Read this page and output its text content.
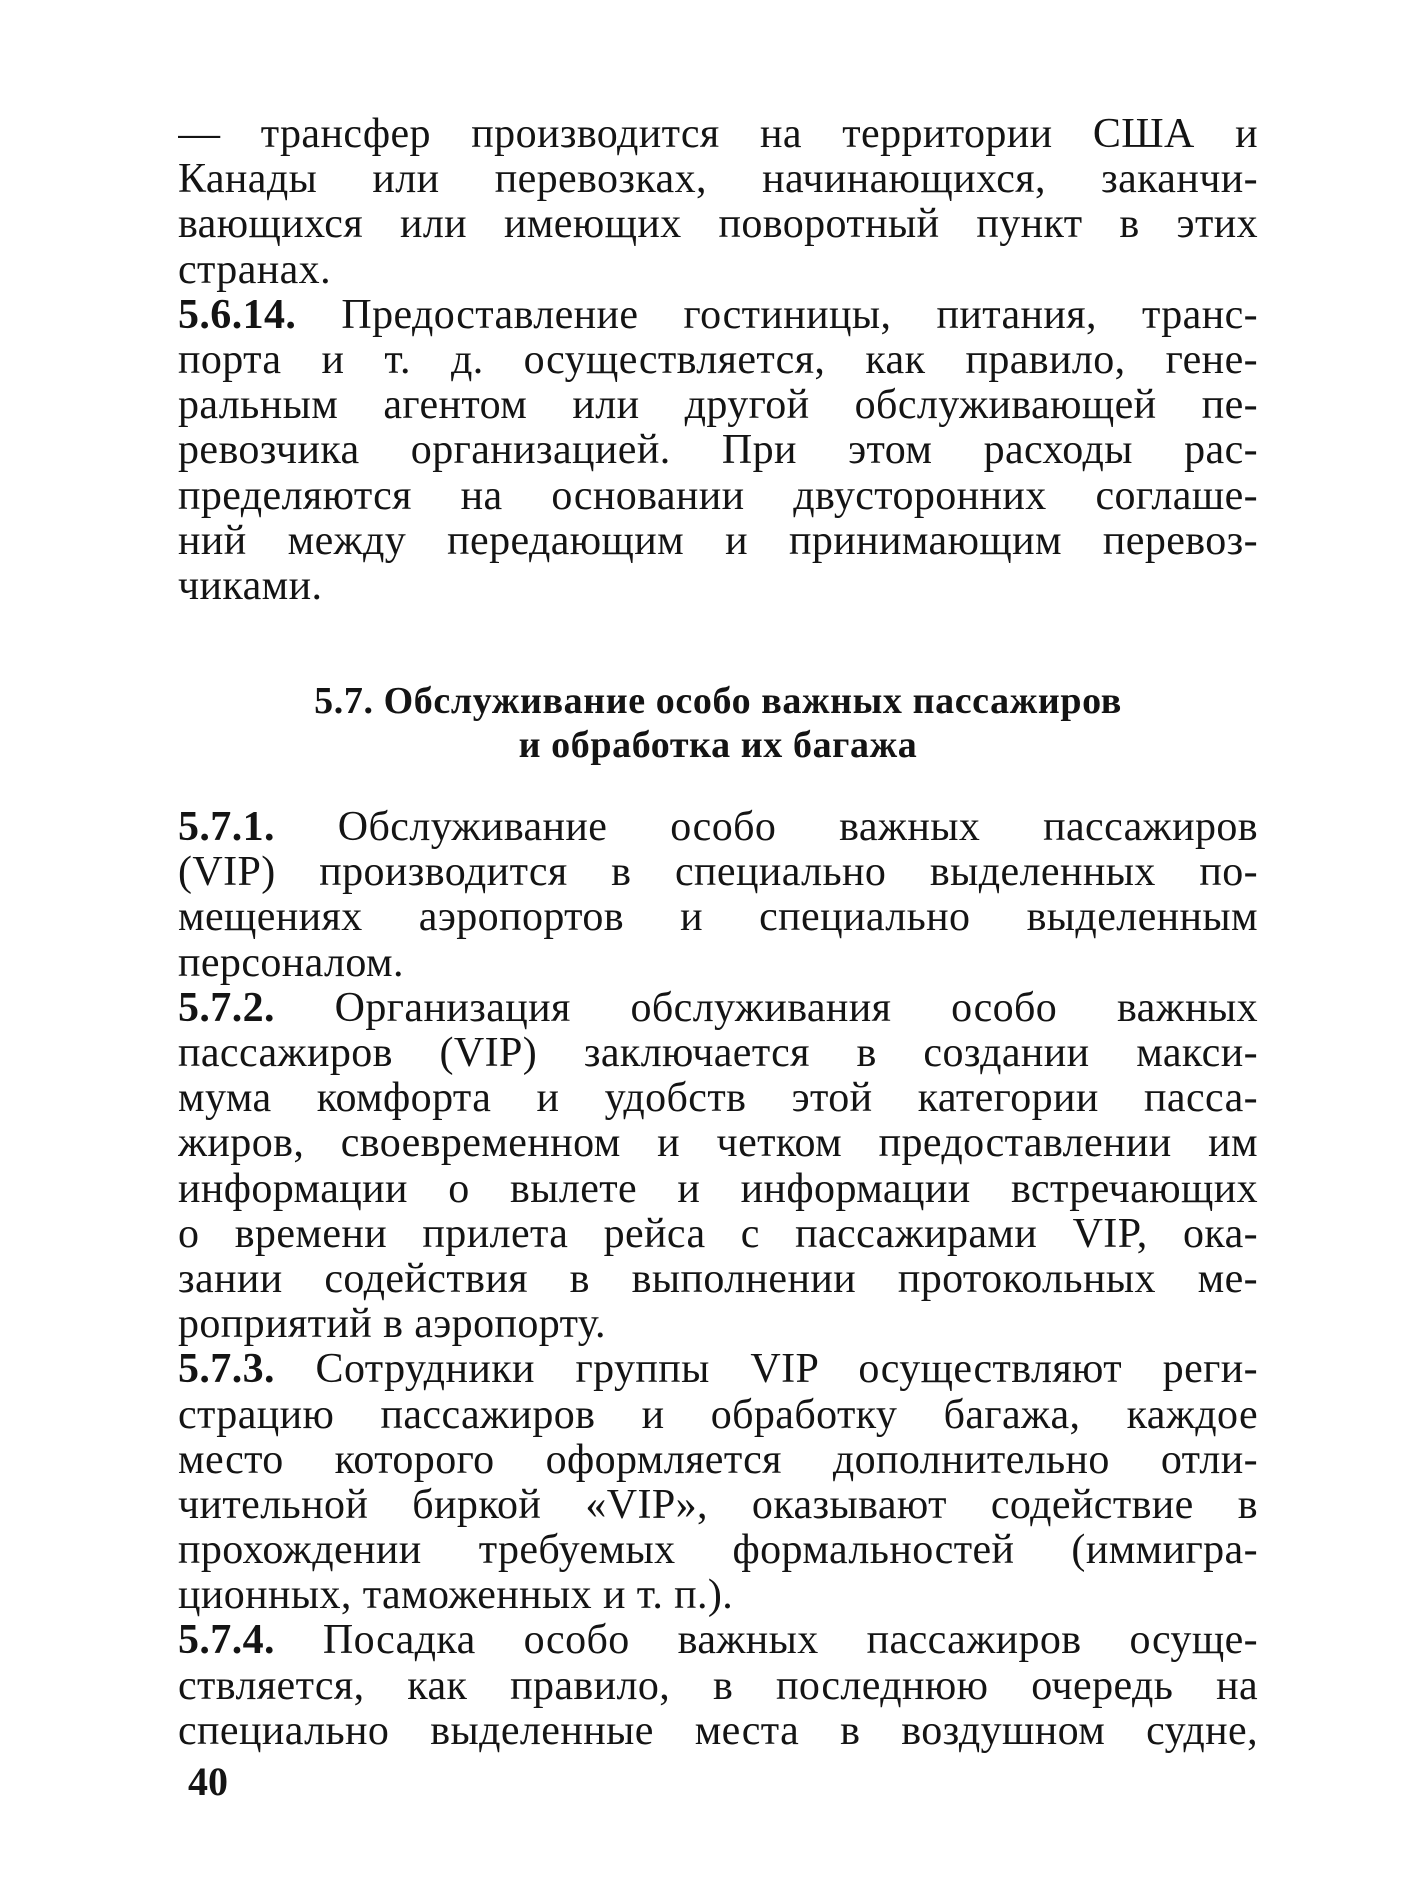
— трансфер производится на территории США и
Канады или перевозках, начинающихся, заканчи-
вающихся или имеющих поворотный пункт в этих
странах.
5.6.14. Предоставление гостиницы, питания, транс-
порта и т. д. осуществляется, как правило, гене-
ральным агентом или другой обслуживающей пе-
ревозчика организацией. При этом расходы рас-
пределяются на основании двусторонних соглаше-
ний между передающим и принимающим перевоз-
чиками.
5.7. Обслуживание особо важных пассажиров
и обработка их багажа
5.7.1. Обслуживание особо важных пассажиров
(VIP) производится в специально выделенных по-
мещениях аэропортов и специально выделенным
персоналом.
5.7.2. Организация обслуживания особо важных
пассажиров (VIP) заключается в создании макси-
мума комфорта и удобств этой категории пасса-
жиров, своевременном и четком предоставлении им
информации о вылете и информации встречающих
о времени прилета рейса с пассажирами VIP, ока-
зании содействия в выполнении протокольных ме-
роприятий в аэропорту.
5.7.3. Сотрудники группы VIP осуществляют реги-
страцию пассажиров и обработку багажа, каждое
место которого оформляется дополнительно отли-
чительной биркой «VIP», оказывают содействие в
прохождении требуемых формальностей (иммигра-
ционных, таможенных и т. п.).
5.7.4. Посадка особо важных пассажиров осуще-
ствляется, как правило, в последнюю очередь на
специально выделенные места в воздушном судне,
40
